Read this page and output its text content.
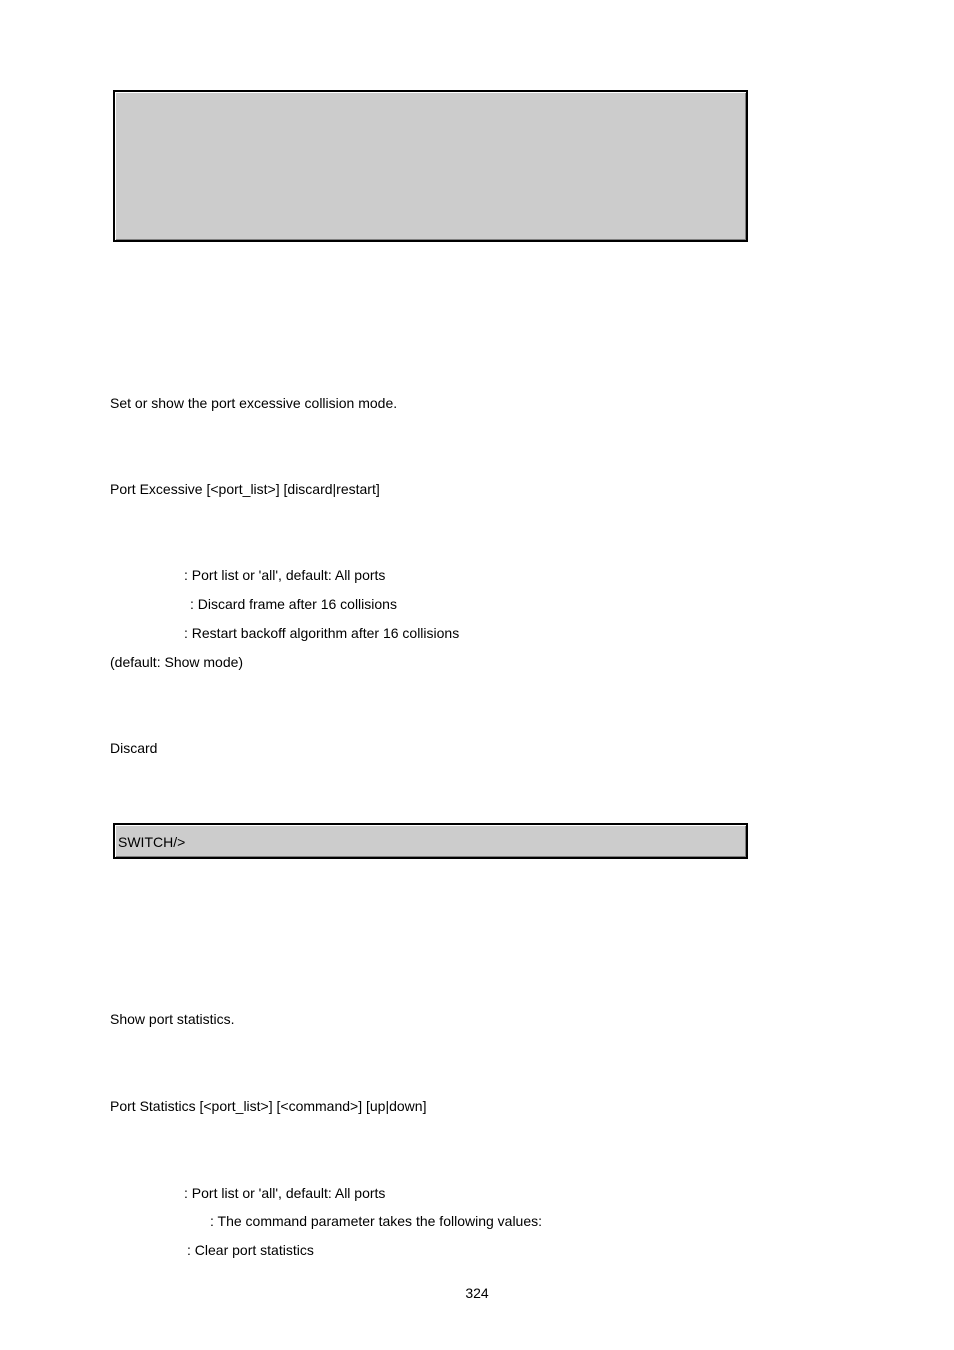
Set or show the port excessive collision mode.
Port Excessive [<port_list>] [discard|restart]
: Port list or 'all', default: All ports
: Discard frame after 16 collisions
: Restart backoff algorithm after 16 collisions
(default: Show mode)
Discard
SWITCH/>
Show port statistics.
Port Statistics [<port_list>] [<command>] [up|down]
: Port list or 'all', default: All ports
: The command parameter takes the following values:
: Clear port statistics
324
